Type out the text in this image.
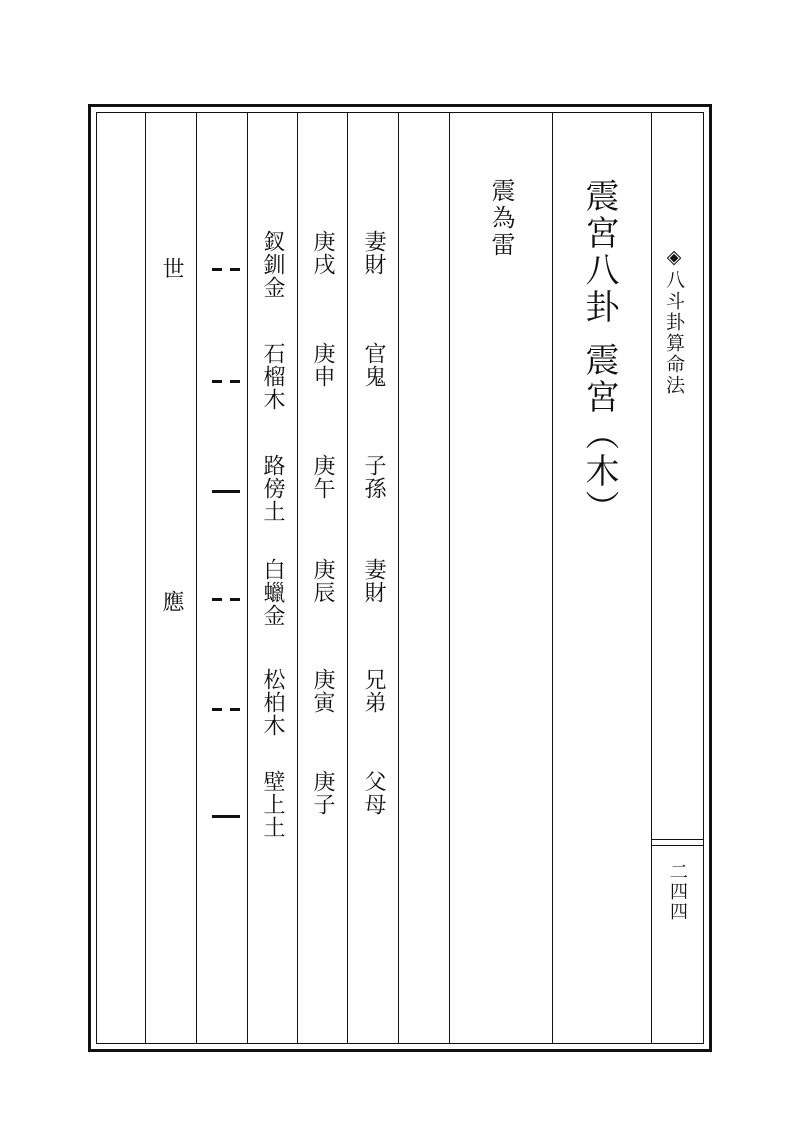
◈八斗卦算命法
二四四
震宮八卦震宮（木）
震為雷
妻財
官鬼
子孫
妻財
兄弟
父母
庚戌
庚申
庚午
庚辰
庚寅
庚子
釵釧金
石榴木
路傍土
白蠟金
松柏木
壁上土
世
應
